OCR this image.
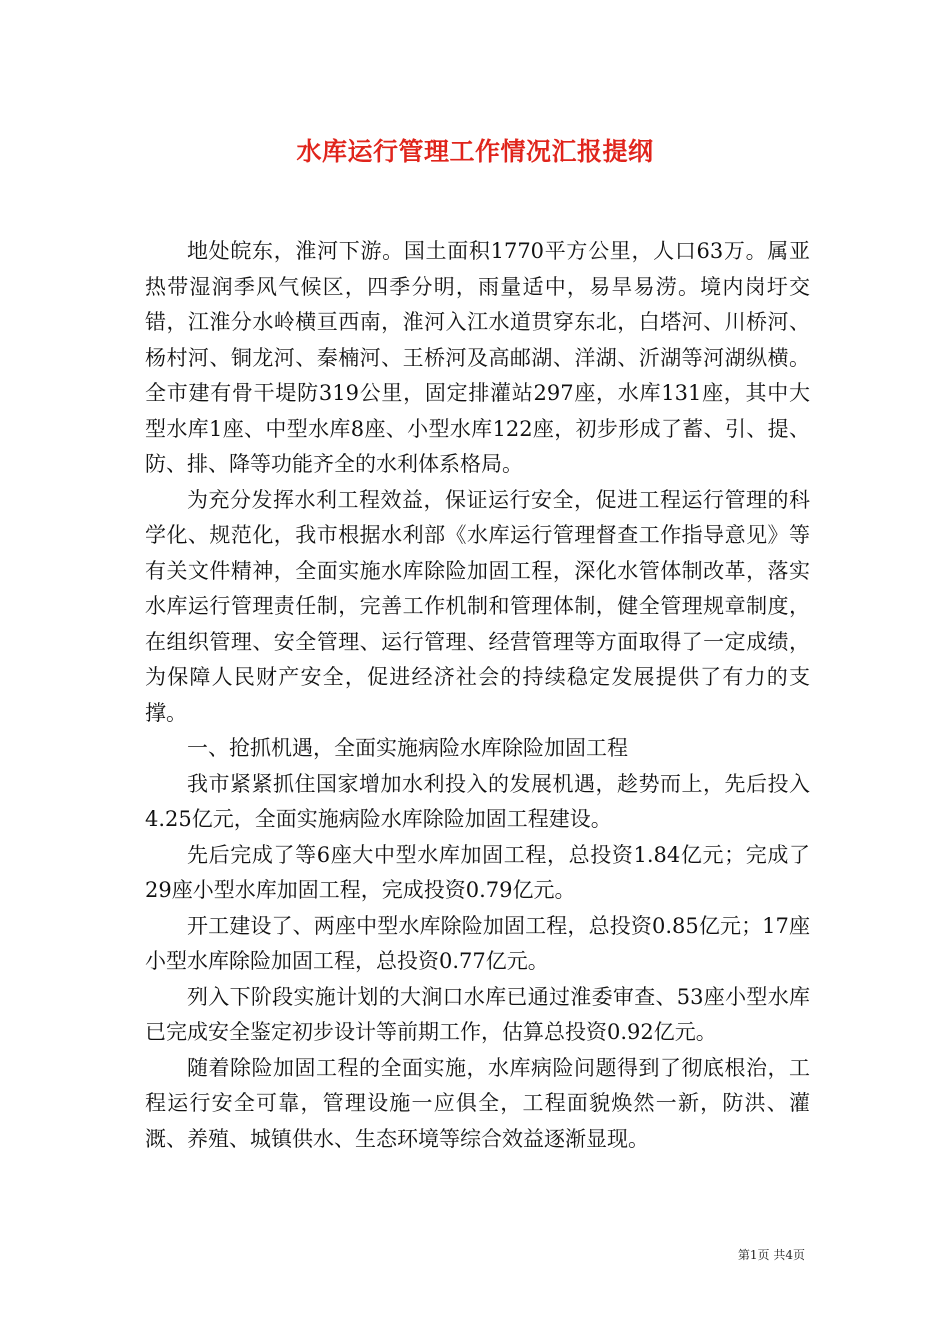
水库运行管理工作情况汇报提纲

地处皖东，淮河下游。国土面积1770平方公里，人口63万。属亚热带湿润季风气候区，四季分明，雨量适中，易旱易涝。境内岗圩交错，江淮分水岭横亘西南，淮河入江水道贯穿东北，白塔河、川桥河、杨村河、铜龙河、秦楠河、王桥河及高邮湖、洋湖、沂湖等河湖纵横。全市建有骨干堤防319公里，固定排灌站297座，水库131座，其中大型水库1座、中型水库8座、小型水库122座，初步形成了蓄、引、提、防、排、降等功能齐全的水利体系格局。

为充分发挥水利工程效益，保证运行安全，促进工程运行管理的科学化、规范化，我市根据水利部《水库运行管理督查工作指导意见》等有关文件精神，全面实施水库除险加固工程，深化水管体制改革，落实水库运行管理责任制，完善工作机制和管理体制，健全管理规章制度，在组织管理、安全管理、运行管理、经营管理等方面取得了一定成绩，为保障人民财产安全，促进经济社会的持续稳定发展提供了有力的支撑。

一、抢抓机遇，全面实施病险水库除险加固工程

我市紧紧抓住国家增加水利投入的发展机遇，趁势而上，先后投入4.25亿元，全面实施病险水库除险加固工程建设。

先后完成了等6座大中型水库加固工程，总投资1.84亿元；完成了29座小型水库加固工程，完成投资0.79亿元。

开工建设了、两座中型水库除险加固工程，总投资0.85亿元；17座小型水库除险加固工程，总投资0.77亿元。

列入下阶段实施计划的大涧口水库已通过淮委审查、53座小型水库已完成安全鉴定初步设计等前期工作，估算总投资0.92亿元。

随着除险加固工程的全面实施，水库病险问题得到了彻底根治，工程运行安全可靠，管理设施一应俱全，工程面貌焕然一新，防洪、灌溉、养殖、城镇供水、生态环境等综合效益逐渐显现。

第1页 共4页
